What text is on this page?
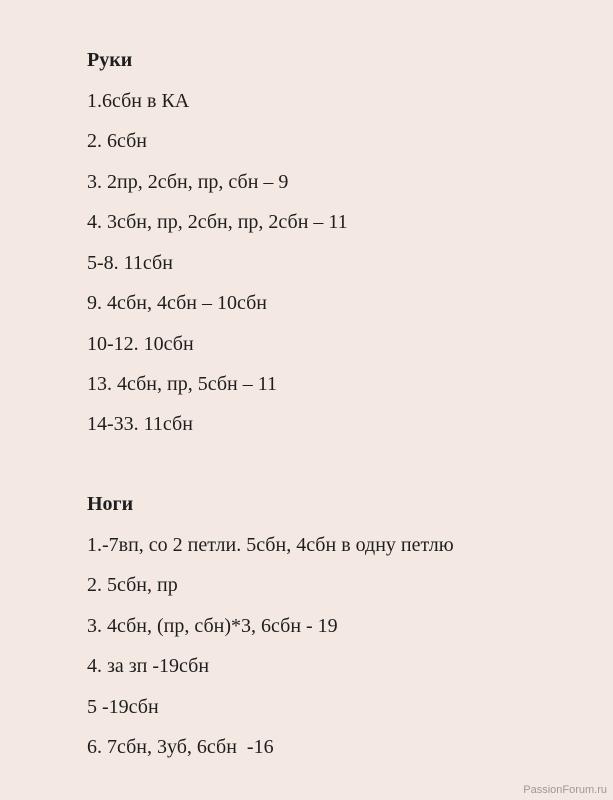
Руки
1.6сбн в КА
2. 6сбн
3. 2пр, 2сбн, пр, сбн – 9
4. 3сбн, пр, 2сбн, пр, 2сбн – 11
5-8. 11сбн
9. 4сбн, 4сбн – 10сбн
10-12. 10сбн
13. 4сбн, пр, 5сбн – 11
14-33. 11сбн
Ноги
1.-7вп, со 2 петли. 5сбн, 4сбн в одну петлю
2. 5сбн, пр
3. 4сбн, (пр, сбн)*3, 6сбн - 19
4. за зп -19сбн
5 -19сбн
6. 7сбн, 3уб, 6сбн  -16
PassionForum.ru
